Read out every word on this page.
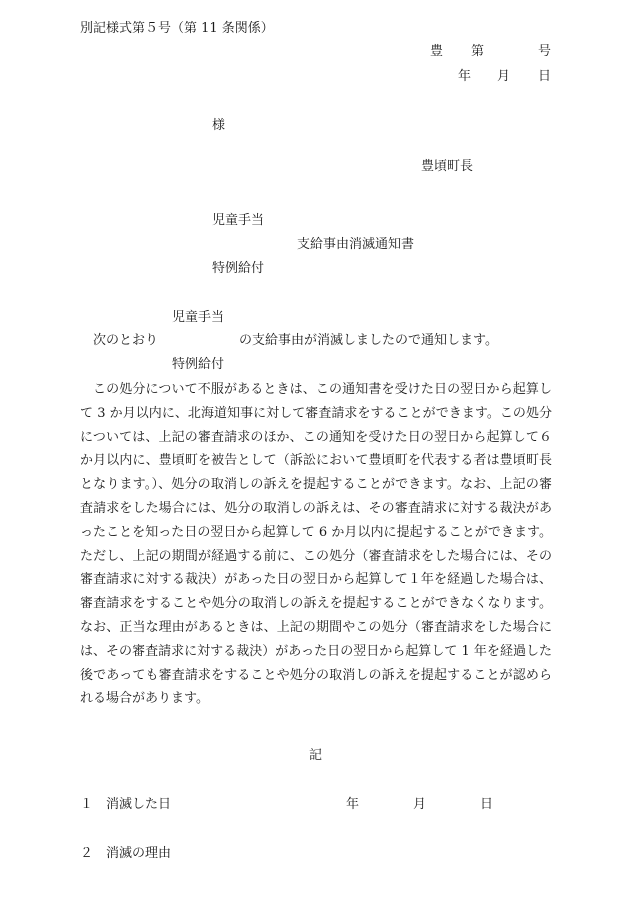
別記様式第５号（第 11 条関係）
豊 第	号
年 月 日
様
豊頃町長
児童手当
支給事由消滅通知書
特例給付
児童手当
次のとおり	の支給事由が消滅しましたので通知します。
特例給付

この処分について不服があるときは、この通知書を受けた日の翌日から起算して 3 か月以内に、北海道知事に対して審査請求をすることができます。この処分については、上記の審査請求のほか、この通知を受けた日の翌日から起算して６か月以内に、豊頃町を被告として（訴訟において豊頃町を代表する者は豊頃町長となります。）、処分の取消しの訴えを提起することができます。なお、上記の審査請求をした場合には、処分の取消しの訴えは、その審査請求に対する裁決があったことを知った日の翌日から起算して 6 か月以内に提起することができます。ただし、上記の期間が経過する前に、この処分（審査請求をした場合には、その審査請求に対する裁決）があった日の翌日から起算して１年を経過した場合は、審査請求をすることや処分の取消しの訴えを提起することができなくなります。なお、正当な理由があるときは、上記の期間やこの処分（審査請求をした場合には、その審査請求に対する裁決）があった日の翌日から起算して 1 年を経過した後であっても審査請求をすることや処分の取消しの訴えを提起することが認められる場合があります。

記
１ 消滅した日	年	月	日
２ 消滅の理由
